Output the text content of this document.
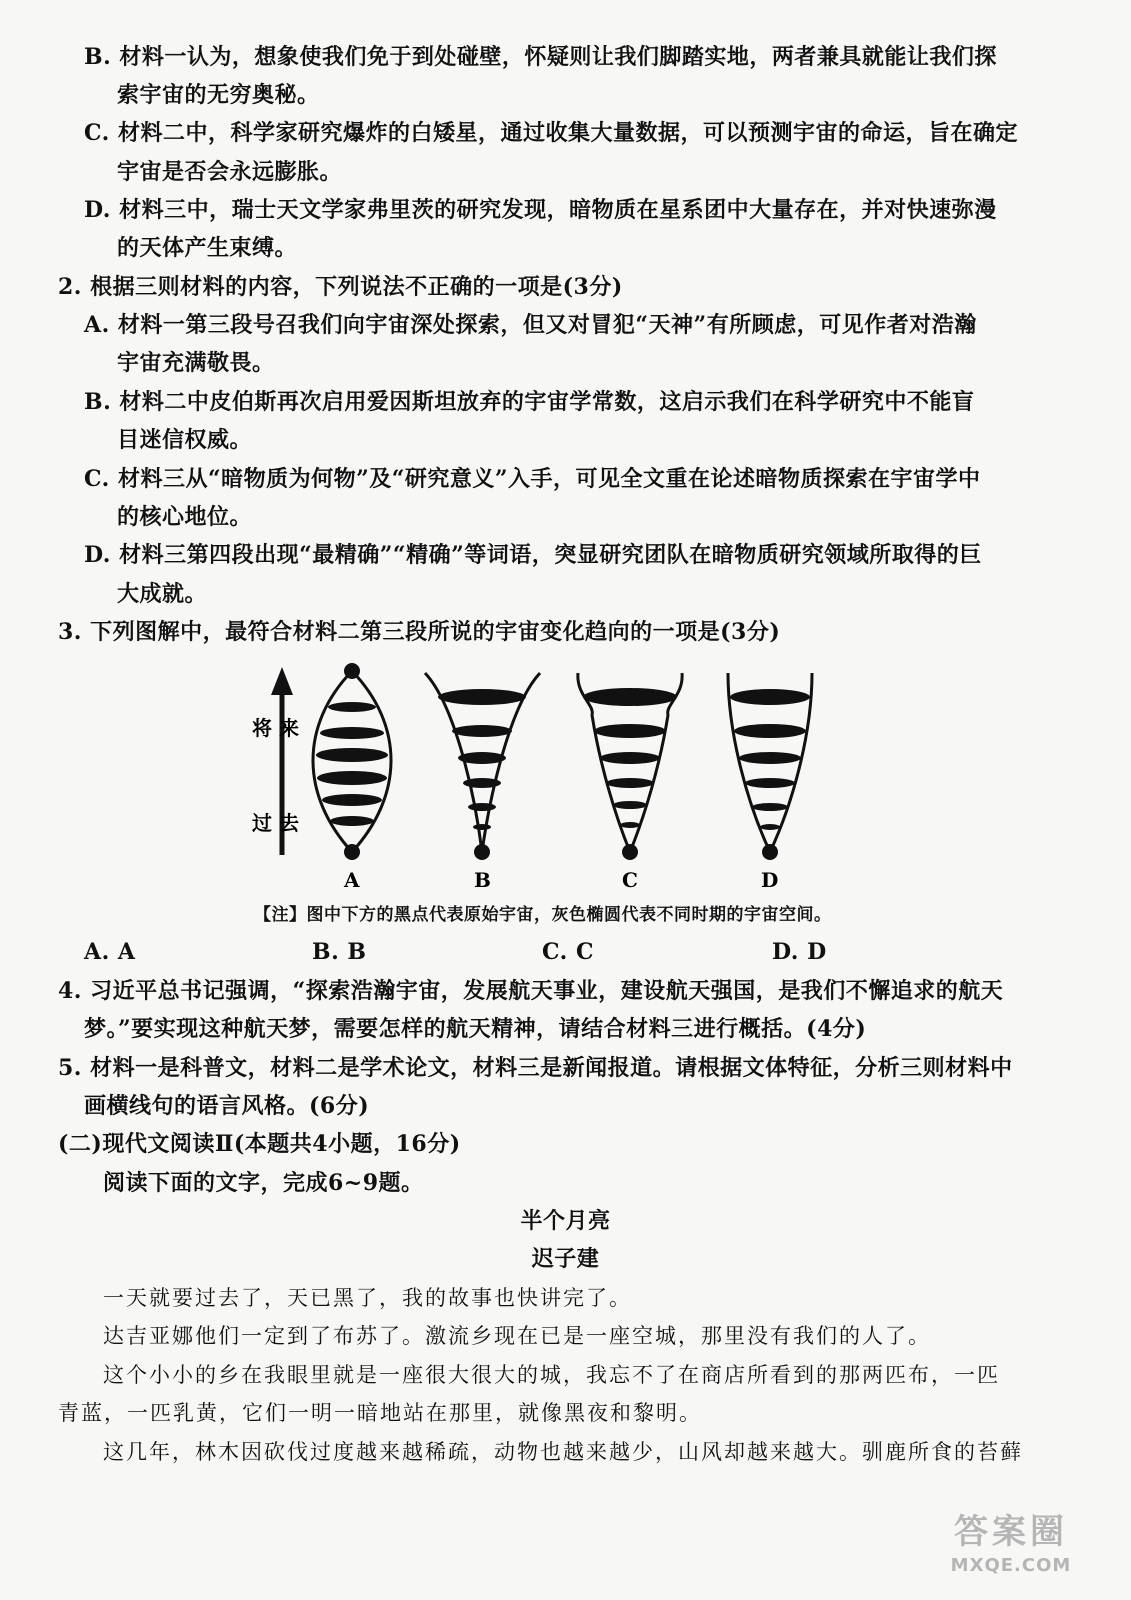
B. 材料一认为，想象使我们免于到处碰壁，怀疑则让我们脚踏实地，两者兼具就能让我们探
索宇宙的无穷奥秘。
C. 材料二中，科学家研究爆炸的白矮星，通过收集大量数据，可以预测宇宙的命运，旨在确定
宇宙是否会永远膨胀。
D. 材料三中，瑞士天文学家弗里茨的研究发现，暗物质在星系团中大量存在，并对快速弥漫
的天体产生束缚。
2. 根据三则材料的内容，下列说法不正确的一项是(3分)
A. 材料一第三段号召我们向宇宙深处探索，但又对冒犯“天神”有所顾虑，可见作者对浩瀚
宇宙充满敬畏。
B. 材料二中皮伯斯再次启用爱因斯坦放弃的宇宙学常数，这启示我们在科学研究中不能盲
目迷信权威。
C. 材料三从“暗物质为何物”及“研究意义”入手，可见全文重在论述暗物质探索在宇宙学中
的核心地位。
D. 材料三第四段出现“最精确”“精确”等词语，突显研究团队在暗物质研究领域所取得的巨
大成就。
3. 下列图解中，最符合材料二第三段所说的宇宙变化趋向的一项是(3分)
将 来
过 去
A	B	C	D
【注】图中下方的黑点代表原始宇宙，灰色椭圆代表不同时期的宇宙空间。
A. A	B. B	C. C	D. D
4. 习近平总书记强调，“探索浩瀚宇宙，发展航天事业，建设航天强国，是我们不懈追求的航天
梦。”要实现这种航天梦，需要怎样的航天精神，请结合材料三进行概括。(4分)
5. 材料一是科普文，材料二是学术论文，材料三是新闻报道。请根据文体特征，分析三则材料中
画横线句的语言风格。(6分)
(二)现代文阅读Ⅱ(本题共4小题，16分)
阅读下面的文字，完成6~9题。
半个月亮
迟子建
一天就要过去了，天已黑了，我的故事也快讲完了。
达吉亚娜他们一定到了布苏了。激流乡现在已是一座空城，那里没有我们的人了。
这个小小的乡在我眼里就是一座很大很大的城，我忘不了在商店所看到的那两匹布，一匹
青蓝，一匹乳黄，它们一明一暗地站在那里，就像黑夜和黎明。
这几年，林木因砍伐过度越来越稀疏，动物也越来越少，山风却越来越大。驯鹿所食的苔藓
答案圈
MXQE.COM
